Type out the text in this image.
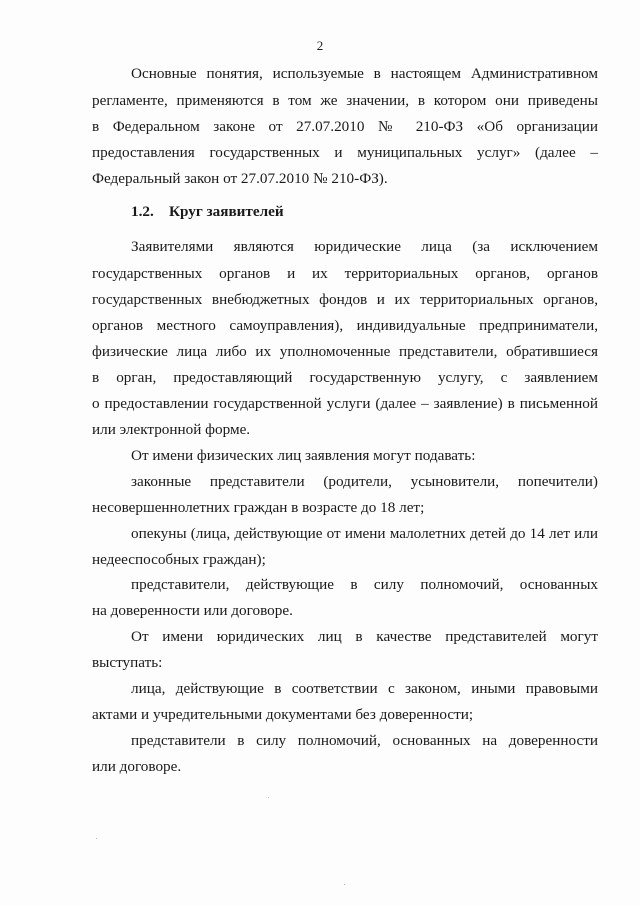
2
Основные понятия, используемые в настоящем Административном
регламенте, применяются в том же значении, в котором они приведены
в Федеральном законе от 27.07.2010 № 210-ФЗ «Об организации
предоставления государственных и муниципальных услуг» (далее –
Федеральный закон от 27.07.2010 № 210-ФЗ).
1.2. Круг заявителей
Заявителями являются юридические лица (за исключением
государственных органов и их территориальных органов, органов
государственных внебюджетных фондов и их территориальных органов,
органов местного самоуправления), индивидуальные предприниматели,
физические лица либо их уполномоченные представители, обратившиеся
в орган, предоставляющий государственную услугу, с заявлением
о предоставлении государственной услуги (далее – заявление) в письменной
или электронной форме.
От имени физических лиц заявления могут подавать:
законные представители (родители, усыновители, попечители)
несовершеннолетних граждан в возрасте до 18 лет;
опекуны (лица, действующие от имени малолетних детей до 14 лет или
недееспособных граждан);
представители, действующие в силу полномочий, основанных
на доверенности или договоре.
От имени юридических лиц в качестве представителей могут
выступать:
лица, действующие в соответствии с законом, иными правовыми
актами и учредительными документами без доверенности;
представители в силу полномочий, основанных на доверенности
или договоре.
